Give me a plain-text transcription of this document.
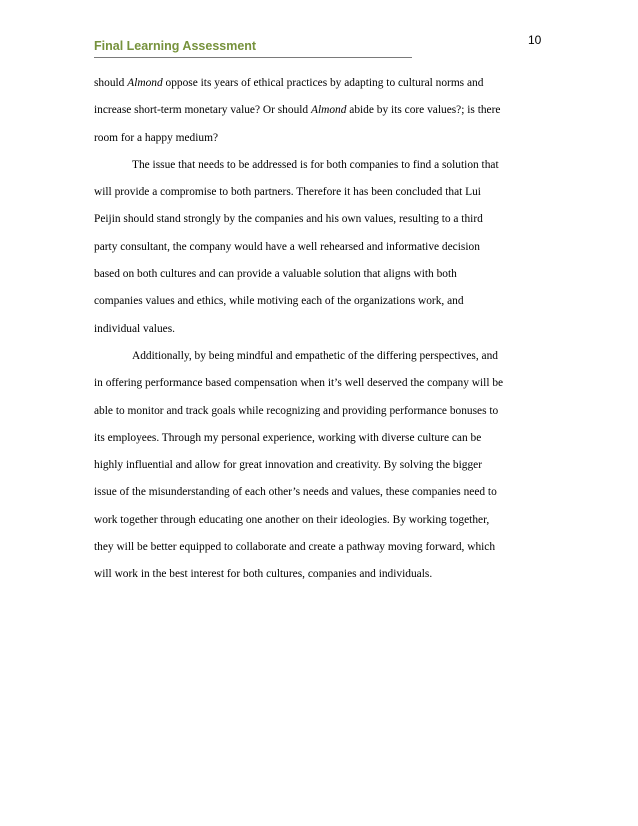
Final Learning Assessment	10
should Almond oppose its years of ethical practices by adapting to cultural norms and
increase short-term monetary value? Or should Almond abide by its core values?; is there
room for a happy medium?
The issue that needs to be addressed is for both companies to find a solution that
will provide a compromise to both partners. Therefore it has been concluded that Lui
Peijin should stand strongly by the companies and his own values, resulting to a third
party consultant, the company would have a well rehearsed and informative decision
based on both cultures and can provide a valuable solution that aligns with both
companies values and ethics, while motiving each of the organizations work, and
individual values.
Additionally, by being mindful and empathetic of the differing perspectives, and
in offering performance based compensation when it’s well deserved the company will be
able to monitor and track goals while recognizing and providing performance bonuses to
its employees. Through my personal experience, working with diverse culture can be
highly influential and allow for great innovation and creativity. By solving the bigger
issue of the misunderstanding of each other’s needs and values, these companies need to
work together through educating one another on their ideologies. By working together,
they will be better equipped to collaborate and create a pathway moving forward, which
will work in the best interest for both cultures, companies and individuals.
